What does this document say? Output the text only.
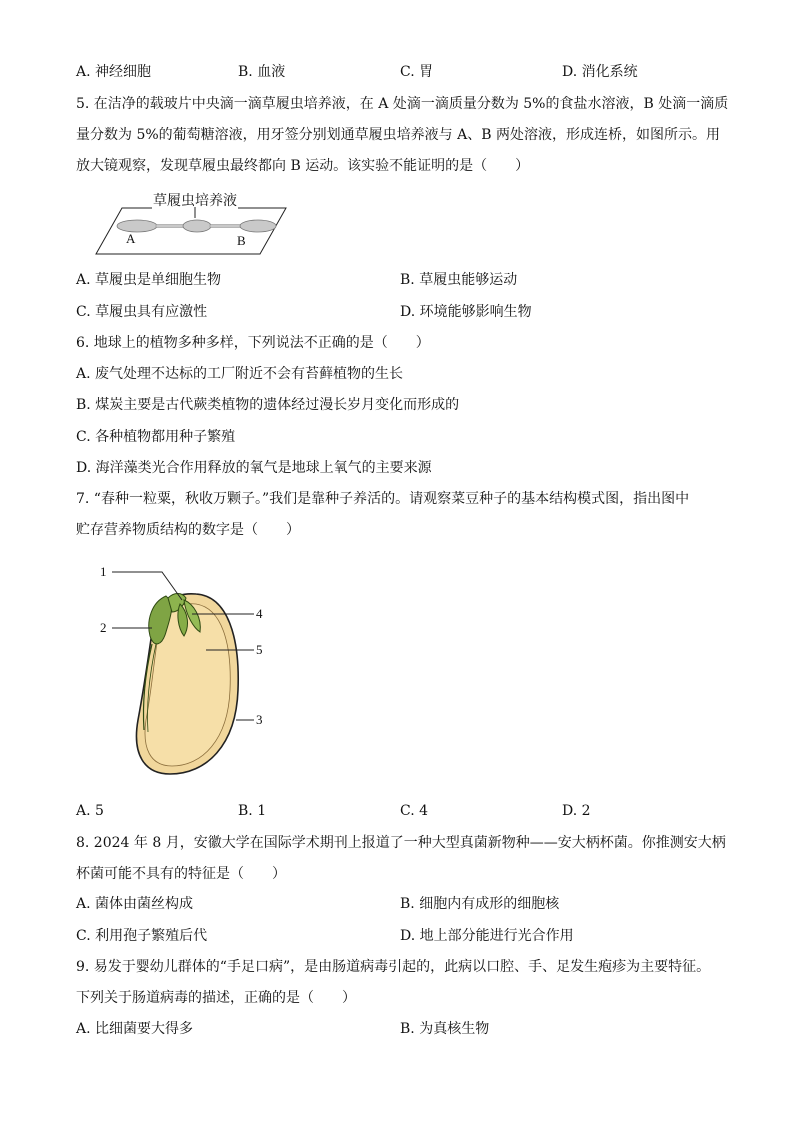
A. 神经细胞	B. 血液	C. 胃	D. 消化系统
5. 在洁净的载玻片中央滴一滴草履虫培养液，在 A 处滴一滴质量分数为 5%的食盐水溶液，B 处滴一滴质
量分数为 5%的葡萄糖溶液，用牙签分别划通草履虫培养液与 A、B 两处溶液，形成连桥，如图所示。用
放大镜观察，发现草履虫最终都向 B 运动。该实验不能证明的是（　　）
草履虫培养液
A	B
A. 草履虫是单细胞生物	B. 草履虫能够运动
C. 草履虫具有应激性	D. 环境能够影响生物
6. 地球上的植物多种多样，下列说法不正确的是（　　）
A. 废气处理不达标的工厂附近不会有苔藓植物的生长
B. 煤炭主要是古代蕨类植物的遗体经过漫长岁月变化而形成的
C. 各种植物都用种子繁殖
D. 海洋藻类光合作用释放的氧气是地球上氧气的主要来源
7. “春种一粒粟，秋收万颗子。”我们是靠种子养活的。请观察菜豆种子的基本结构模式图，指出图中
贮存营养物质结构的数字是（　　）
1
2
3
4
5
A. 5	B. 1	C. 4	D. 2
8. 2024 年 8 月，安徽大学在国际学术期刊上报道了一种大型真菌新物种——安大柄杯菌。你推测安大柄
杯菌可能不具有的特征是（　　）
A. 菌体由菌丝构成	B. 细胞内有成形的细胞核
C. 利用孢子繁殖后代	D. 地上部分能进行光合作用
9. 易发于婴幼儿群体的“手足口病”，是由肠道病毒引起的，此病以口腔、手、足发生疱疹为主要特征。
下列关于肠道病毒的描述，正确的是（　　）
A. 比细菌要大得多	B. 为真核生物
